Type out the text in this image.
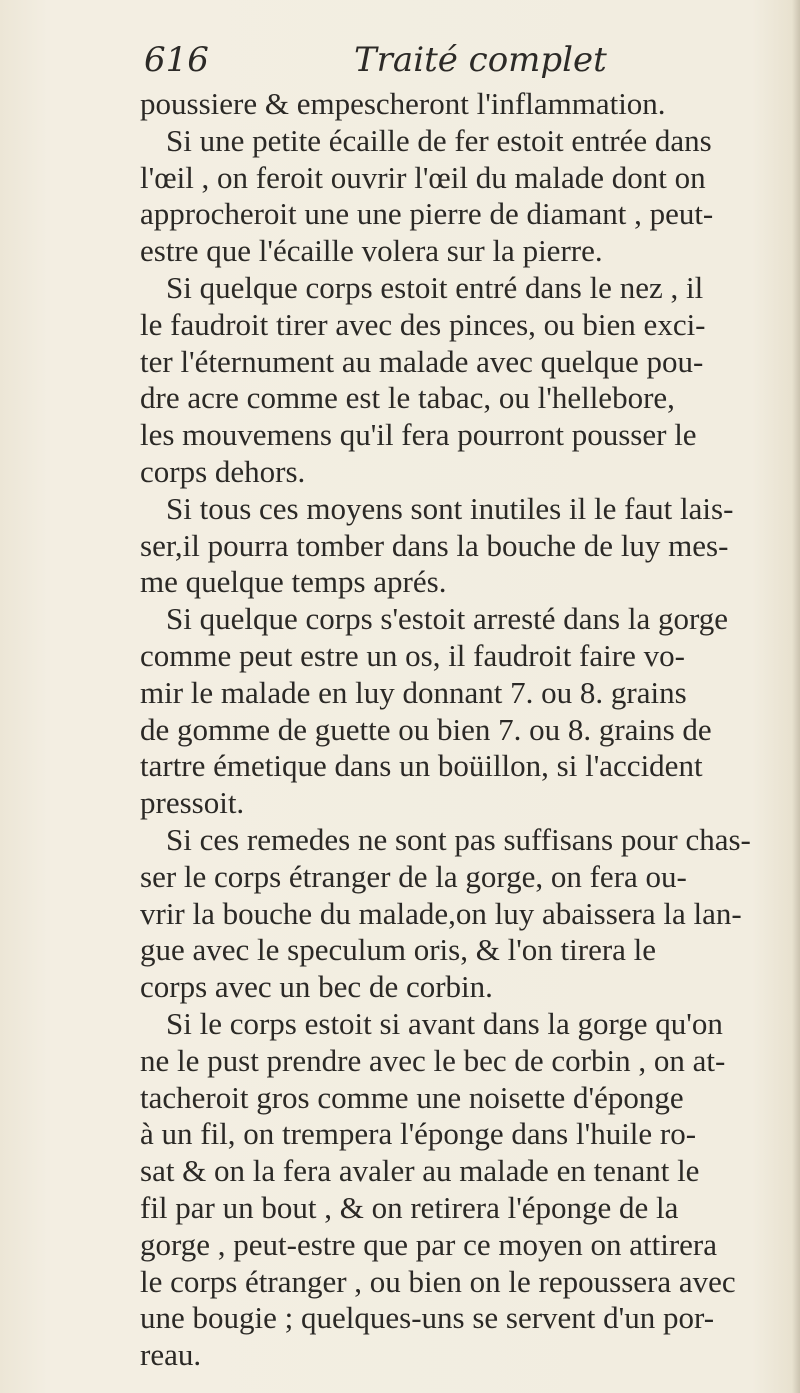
616	Traité complet
poussiere & empescheront l'inflammation.
Si une petite écaille de fer estoit entrée dans
l'œil , on feroit ouvrir l'œil du malade dont on
approcheroit une une pierre de diamant , peut-
estre que l'écaille volera sur la pierre.
Si quelque corps estoit entré dans le nez , il
le faudroit tirer avec des pinces, ou bien exci-
ter l'éternument au malade avec quelque pou-
dre acre comme est le tabac, ou l'hellebore,
les mouvemens qu'il fera pourront pousser le
corps dehors.
Si tous ces moyens sont inutiles il le faut lais-
ser,il pourra tomber dans la bouche de luy mes-
me quelque temps aprés.
Si quelque corps s'estoit arresté dans la gorge
comme peut estre un os, il faudroit faire vo-
mir le malade en luy donnant 7. ou 8. grains
de gomme de guette ou bien 7. ou 8. grains de
tartre émetique dans un boüillon, si l'accident
pressoit.
Si ces remedes ne sont pas suffisans pour chas-
ser le corps étranger de la gorge, on fera ou-
vrir la bouche du malade,on luy abaissera la lan-
gue avec le speculum oris, & l'on tirera le
corps avec un bec de corbin.
Si le corps estoit si avant dans la gorge qu'on
ne le pust prendre avec le bec de corbin , on at-
tacheroit gros comme une noisette d'éponge
à un fil, on trempera l'éponge dans l'huile ro-
sat & on la fera avaler au malade en tenant le
fil par un bout , & on retirera l'éponge de la
gorge , peut-estre que par ce moyen on attirera
le corps étranger , ou bien on le repoussera avec
une bougie ; quelques-uns se servent d'un por-
reau.
